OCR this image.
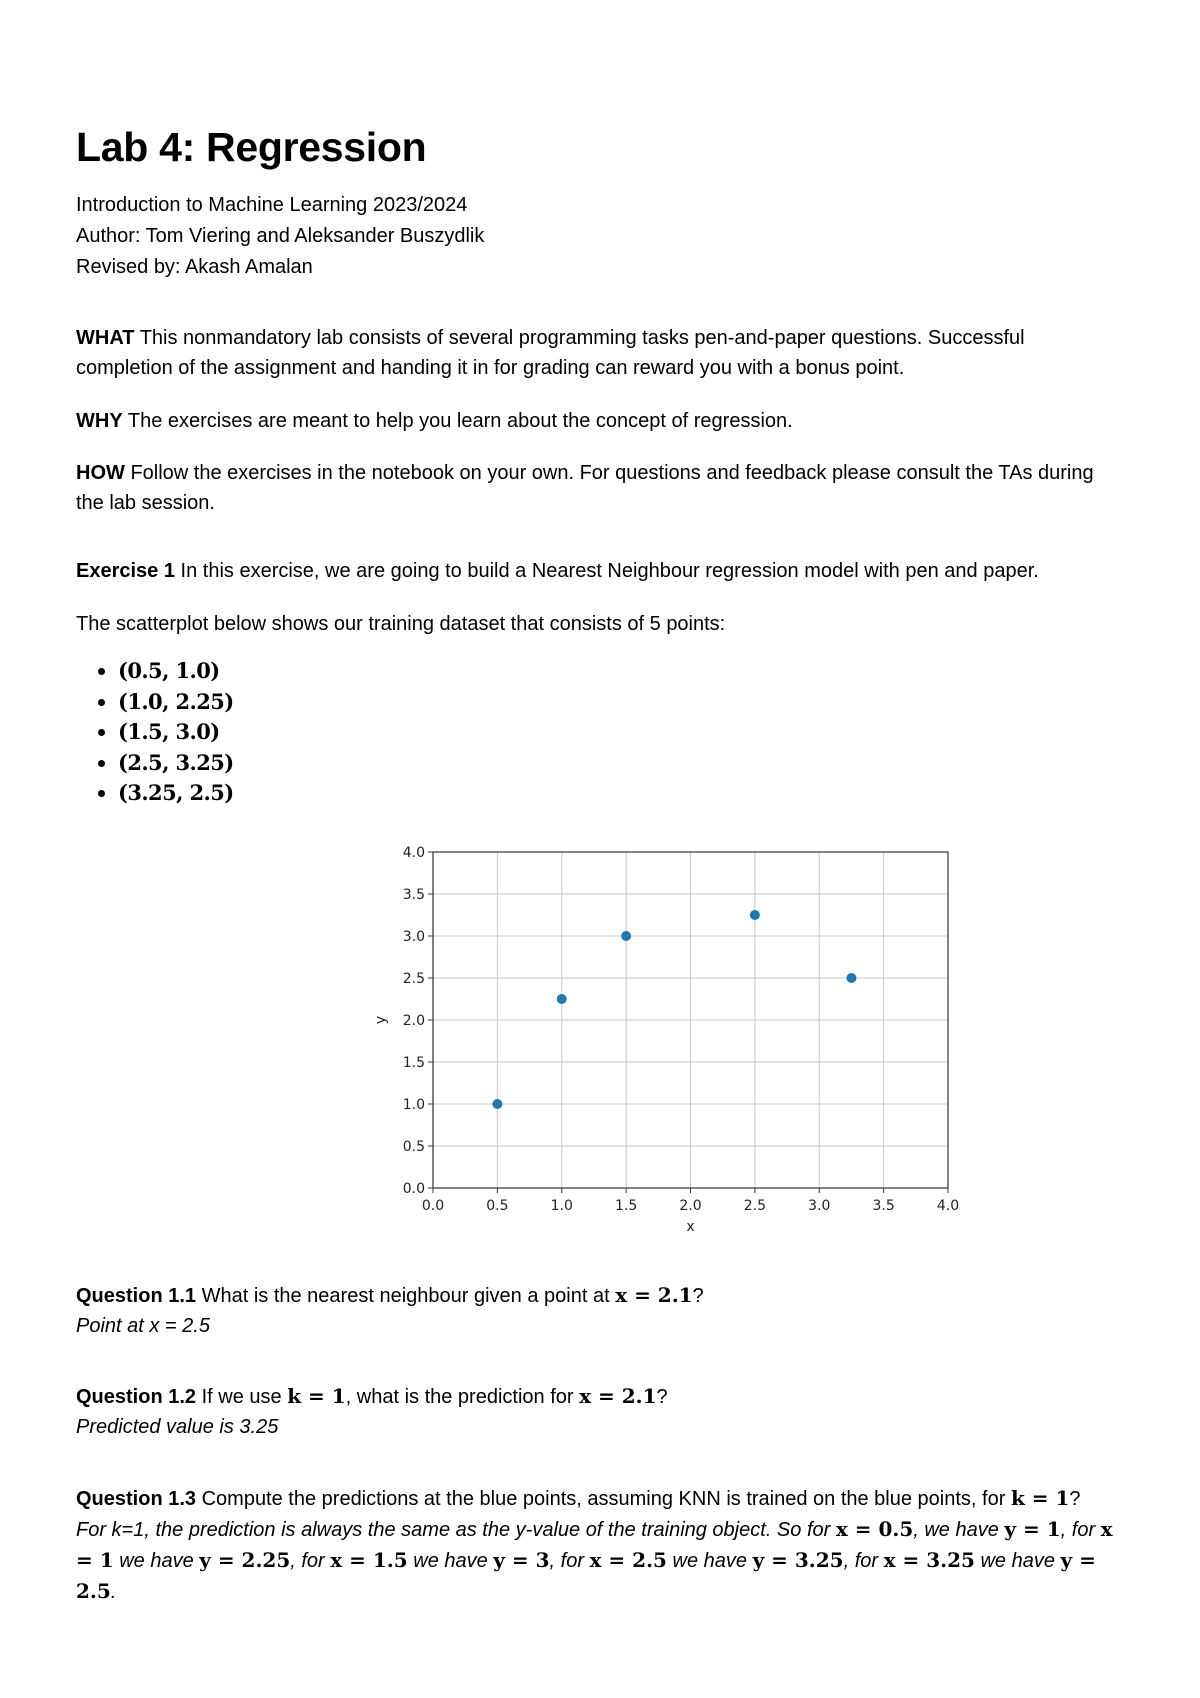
Lab 4: Regression
Introduction to Machine Learning 2023/2024
Author: Tom Viering and Aleksander Buszydlik
Revised by: Akash Amalan
WHAT This nonmandatory lab consists of several programming tasks pen-and-paper questions. Successful completion of the assignment and handing it in for grading can reward you with a bonus point.
WHY The exercises are meant to help you learn about the concept of regression.
HOW Follow the exercises in the notebook on your own. For questions and feedback please consult the TAs during the lab session.
Exercise 1 In this exercise, we are going to build a Nearest Neighbour regression model with pen and paper.
The scatterplot below shows our training dataset that consists of 5 points:
• (0.5, 1.0)
• (1.0, 2.25)
• (1.5, 3.0)
• (2.5, 3.25)
• (3.25, 2.5)
0.0	0.5	1.0	1.5	2.0	2.5	3.0	3.5	4.0
0.0
0.5
1.0
1.5
2.0
2.5
3.0
3.5
4.0
x
y
Question 1.1 What is the nearest neighbour given a point at x = 2.1?
Point at x = 2.5
Question 1.2 If we use k = 1, what is the prediction for x = 2.1?
Predicted value is 3.25
Question 1.3 Compute the predictions at the blue points, assuming KNN is trained on the blue points, for k = 1?
For k=1, the prediction is always the same as the y-value of the training object. So for x = 0.5, we have y = 1, for x = 1 we have y = 2.25, for x = 1.5 we have y = 3, for x = 2.5 we have y = 3.25, for x = 3.25 we have y = 2.5.
